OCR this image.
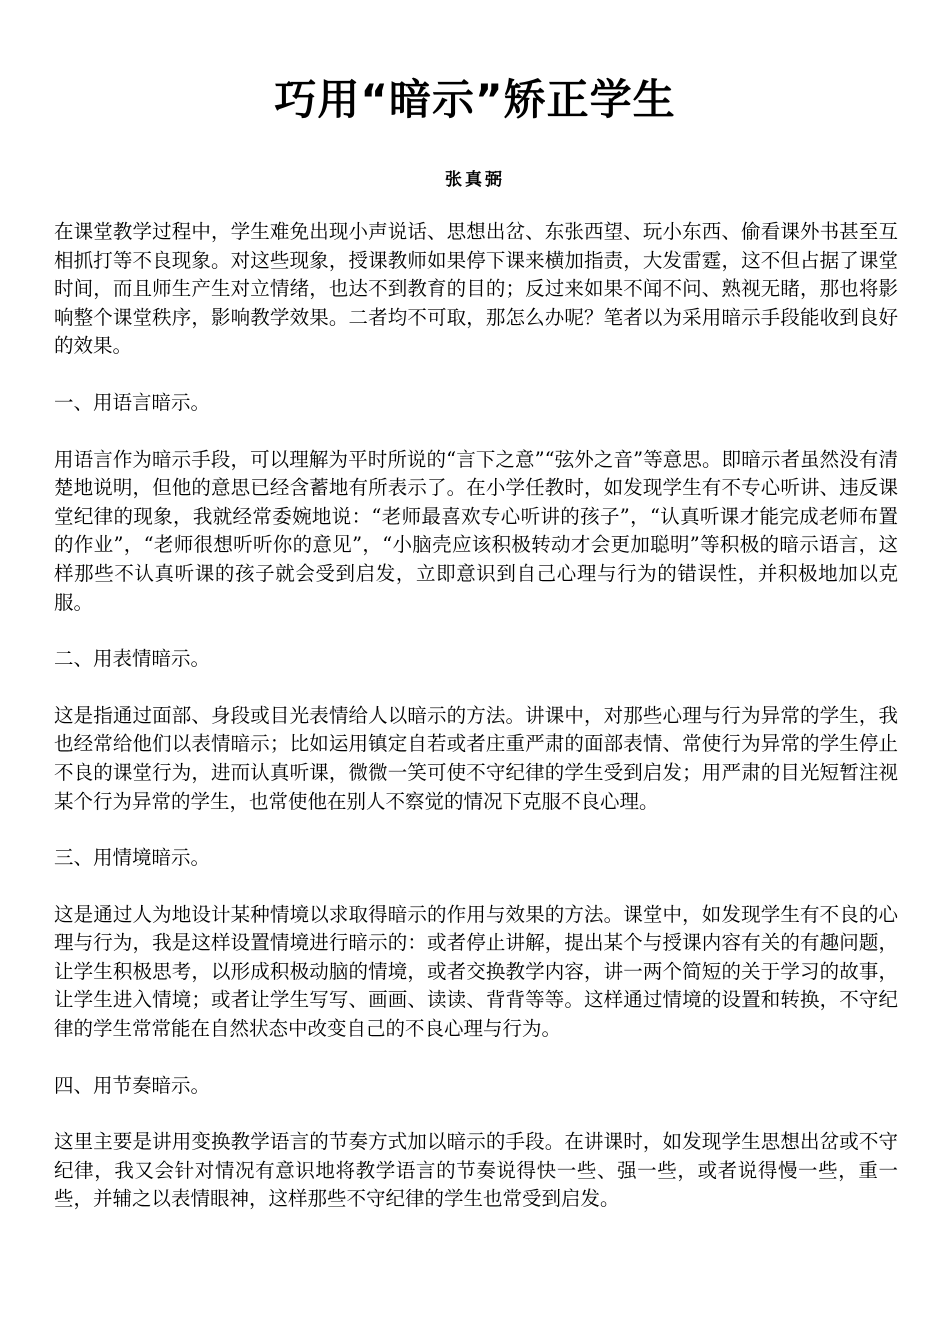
巧用“暗示”矫正学生
张真弼

在课堂教学过程中，学生难免出现小声说话、思想出岔、东张西望、玩小东西、偷看课外书甚至互相抓打等不良现象。对这些现象，授课教师如果停下课来横加指责，大发雷霆，这不但占据了课堂时间，而且师生产生对立情绪，也达不到教育的目的；反过来如果不闻不问、熟视无睹，那也将影响整个课堂秩序，影响教学效果。二者均不可取，那怎么办呢？笔者以为采用暗示手段能收到良好的效果。

一、用语言暗示。

用语言作为暗示手段，可以理解为平时所说的“言下之意”“弦外之音”等意思。即暗示者虽然没有清楚地说明，但他的意思已经含蓄地有所表示了。在小学任教时，如发现学生有不专心听讲、违反课堂纪律的现象，我就经常委婉地说：“老师最喜欢专心听讲的孩子”，“认真听课才能完成老师布置的作业”，“老师很想听听你的意见”，“小脑壳应该积极转动才会更加聪明”等积极的暗示语言，这样那些不认真听课的孩子就会受到启发，立即意识到自己心理与行为的错误性，并积极地加以克服。

二、用表情暗示。

这是指通过面部、身段或目光表情给人以暗示的方法。讲课中，对那些心理与行为异常的学生，我也经常给他们以表情暗示；比如运用镇定自若或者庄重严肃的面部表情、常使行为异常的学生停止不良的课堂行为，进而认真听课，微微一笑可使不守纪律的学生受到启发；用严肃的目光短暂注视某个行为异常的学生，也常使他在别人不察觉的情况下克服不良心理。

三、用情境暗示。

这是通过人为地设计某种情境以求取得暗示的作用与效果的方法。课堂中，如发现学生有不良的心理与行为，我是这样设置情境进行暗示的：或者停止讲解，提出某个与授课内容有关的有趣问题，让学生积极思考，以形成积极动脑的情境，或者交换教学内容，讲一两个简短的关于学习的故事，让学生进入情境；或者让学生写写、画画、读读、背背等等。这样通过情境的设置和转换，不守纪律的学生常常能在自然状态中改变自己的不良心理与行为。

四、用节奏暗示。

这里主要是讲用变换教学语言的节奏方式加以暗示的手段。在讲课时，如发现学生思想出岔或不守纪律，我又会针对情况有意识地将教学语言的节奏说得快一些、强一些，或者说得慢一些，重一些，并辅之以表情眼神，这样那些不守纪律的学生也常受到启发。
